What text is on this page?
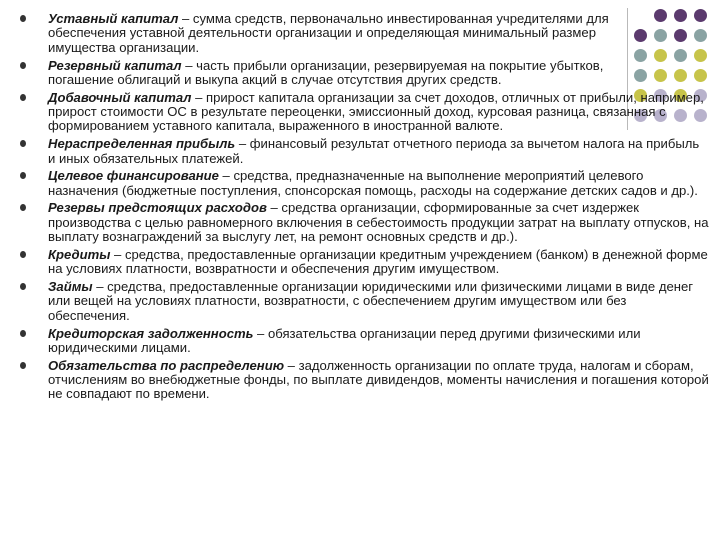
Уставный капитал – сумма средств, первоначально инвестированная учредителями для обеспечения уставной деятельности организации и определяющая минимальный размер имущества организации.
Резервный капитал – часть прибыли организации, резервируемая на покрытие убытков, погашение облигаций и выкупа акций в случае отсутствия других средств.
Добавочный капитал – прирост капитала организации за счет доходов, отличных от прибыли, например, прирост стоимости ОС в результате переоценки, эмиссионный доход, курсовая разница, связанная с формированием уставного капитала, выраженного в иностранной валюте.
Нераспределенная прибыль – финансовый результат отчетного периода за вычетом налога на прибыль и иных обязательных платежей.
Целевое финансирование – средства, предназначенные на выполнение мероприятий целевого назначения (бюджетные поступления, спонсорская помощь, расходы на содержание детских садов и др.).
Резервы предстоящих расходов – средства организации, сформированные за счет издержек производства с целью равномерного включения в себестоимость продукции затрат на выплату отпусков, на выплату вознаграждений за выслугу лет, на ремонт основных средств и др.).
Кредиты – средства, предоставленные организации кредитным учреждением (банком) в денежной форме на условиях платности, возвратности и обеспечения другим имуществом.
Займы – средства, предоставленные организации юридическими или физическими лицами в виде денег или вещей на условиях платности, возвратности, с обеспечением другим имуществом или без обеспечения.
Кредиторская задолженность – обязательства организации перед другими физическими или юридическими лицами.
Обязательства по распределению – задолженность организации по оплате труда, налогам и сборам, отчислениям во внебюджетные фонды, по выплате дивидендов, моменты начисления и погашения которой не совпадают по времени.
